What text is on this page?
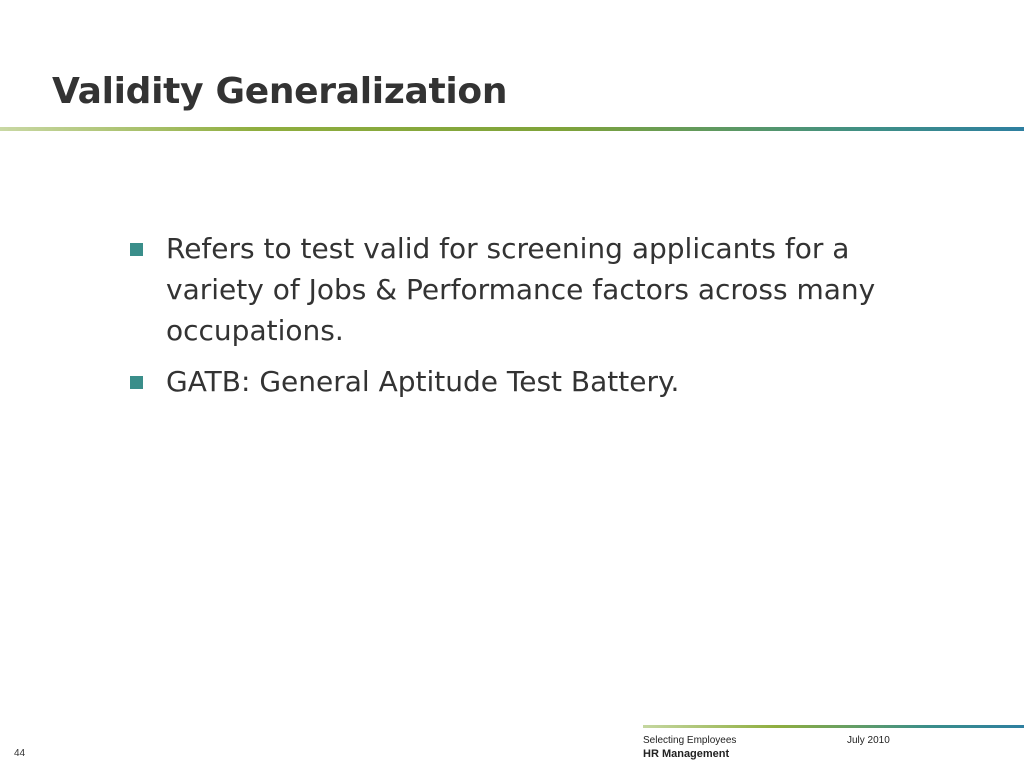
Validity Generalization
Refers to test valid for screening applicants for a variety of Jobs & Performance factors across many occupations.
GATB: General Aptitude Test Battery.
Selecting Employees	July 2010
HR Management
44
